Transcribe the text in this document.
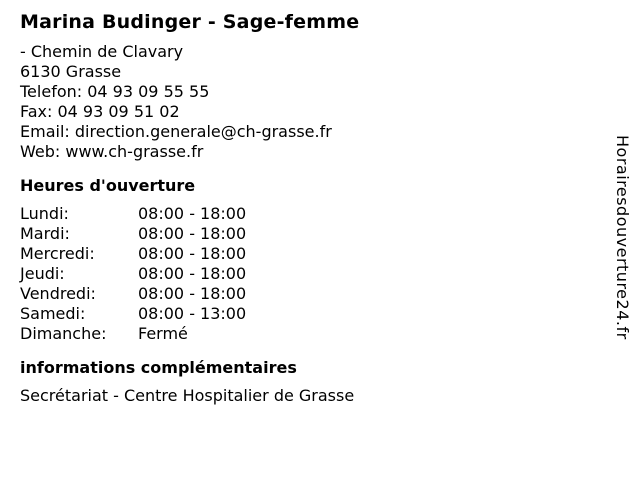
Marina Budinger - Sage-femme
- Chemin de Clavary
6130 Grasse
Telefon: 04 93 09 55 55
Fax: 04 93 09 51 02
Email: direction.generale@ch-grasse.fr
Web: www.ch-grasse.fr
Heures d'ouverture
Lundi:	08:00 - 18:00
Mardi:	08:00 - 18:00
Mercredi:	08:00 - 18:00
Jeudi:	08:00 - 18:00
Vendredi:	08:00 - 18:00
Samedi:	08:00 - 13:00
Dimanche:	Fermé
informations complémentaires
Secrétariat - Centre Hospitalier de Grasse
Horairesdouverture24.fr
